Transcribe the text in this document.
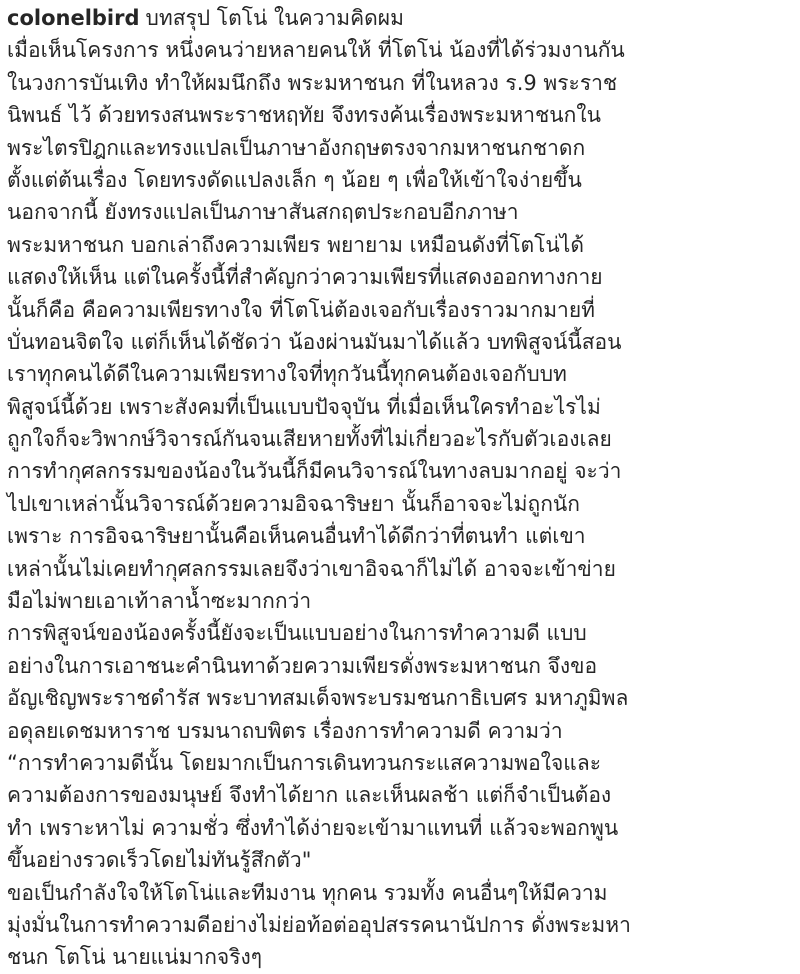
colonelbird บทสรุป โตโน่ ในความคิดผม
เมื่อเห็นโครงการ หนึ่งคนว่ายหลายคนให้ ที่โตโน่ น้องที่ได้ร่วมงานกัน
ในวงการบันเทิง ทำให้ผมนึกถึง พระมหาชนก ที่ในหลวง ร.9 พระราช
นิพนธ์ ไว้ ด้วยทรงสนพระราชหฤทัย จึงทรงค้นเรื่องพระมหาชนกใน
พระไตรปิฎกและทรงแปลเป็นภาษาอังกฤษตรงจากมหาชนกชาดก
ตั้งแต่ต้นเรื่อง โดยทรงดัดแปลงเล็ก ๆ น้อย ๆ เพื่อให้เข้าใจง่ายขึ้น
นอกจากนี้ ยังทรงแปลเป็นภาษาสันสกฤตประกอบอีกภาษา
พระมหาชนก บอกเล่าถึงความเพียร พยายาม เหมือนดังที่โตโน่ได้
แสดงให้เห็น แต่ในครั้งนี้ที่สำคัญกว่าความเพียรที่แสดงออกทางกาย
นั้นก็คือ คือความเพียรทางใจ ที่โตโน่ต้องเจอกับเรื่องราวมากมายที่
บั่นทอนจิตใจ แต่ก็เห็นได้ชัดว่า น้องผ่านมันมาได้แล้ว บทพิสูจน์นี้สอน
เราทุกคนได้ดีในความเพียรทางใจที่ทุกวันนี้ทุกคนต้องเจอกับบท
พิสูจน์นี้ด้วย เพราะสังคมที่เป็นแบบปัจจุบัน ที่เมื่อเห็นใครทำอะไรไม่
ถูกใจก็จะวิพากษ์วิจารณ์กันจนเสียหายทั้งที่ไม่เกี่ยวอะไรกับตัวเองเลย
การทำกุศลกรรมของน้องในวันนี้ก็มีคนวิจารณ์ในทางลบมากอยู่ จะว่า
ไปเขาเหล่านั้นวิจารณ์ด้วยความอิจฉาริษยา นั้นก็อาจจะไม่ถูกนัก
เพราะ การอิจฉาริษยานั้นคือเห็นคนอื่นทำได้ดีกว่าที่ตนทำ แต่เขา
เหล่านั้นไม่เคยทำกุศลกรรมเลยจึงว่าเขาอิจฉาก็ไม่ได้ อาจจะเข้าข่าย
มือไม่พายเอาเท้าลาน้ำซะมากกว่า
การพิสูจน์ของน้องครั้งนี้ยังจะเป็นแบบอย่างในการทำความดี แบบ
อย่างในการเอาชนะคำนินทาด้วยความเพียรดั่งพระมหาชนก จึงขอ
อัญเชิญพระราชดำรัส พระบาทสมเด็จพระบรมชนกาธิเบศร มหาภูมิพล
อดุลยเดชมหาราช บรมนาถบพิตร เรื่องการทำความดี ความว่า
“การทำความดีนั้น โดยมากเป็นการเดินทวนกระแสความพอใจและ
ความต้องการของมนุษย์ จึงทำได้ยาก และเห็นผลช้า แต่ก็จำเป็นต้อง
ทำ เพราะหาไม่ ความชั่ว ซึ่งทำได้ง่ายจะเข้ามาแทนที่ แล้วจะพอกพูน
ขึ้นอย่างรวดเร็วโดยไม่ทันรู้สึกตัว"
ขอเป็นกำลังใจให้โตโน่และทีมงาน ทุกคน รวมทั้ง คนอื่นๆให้มีความ
มุ่งมั่นในการทำความดีอย่างไม่ย่อท้อต่ออุปสรรคนานัปการ ดั่งพระมหา
ชนก โตโน่ นายแน่มากจริงๆ
